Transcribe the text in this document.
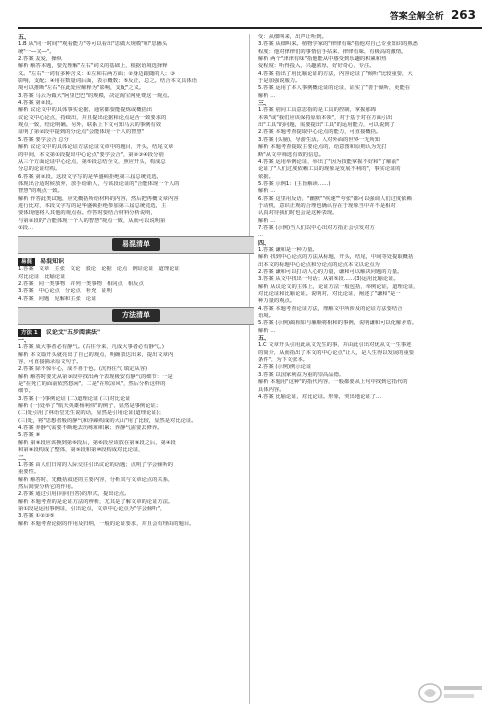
答案全解全析 263

五、

1.B 从"同一时间""观看能力"等可以看出"思做大规模"和"思播头

统"一―又―"。

2.答案 友爱，操纵

解析 解答本题，要先理解"左右"词义的基础上，根据语境选择释

义。"左右"一词有多种含义：①左和右两方面；②身边跟随的人；③

影响，支配；④用在数量词后面，表示概数；⑤反正，总之。结合本文具体语

境可以推断"左右"在此处应解释为"影响，支配"之义。

3.答案 马云为做大"阿里巴巴"的规模，决定淘宝网免费这一观点。

4.答案 第②段。

解析 议论文中的具体事实论据，通常都要能提炼或概括出

议论文中心论点，持续出，并且提出论据和论点是否一致要求的

观点一致，结论明确。另外，联系上下文可知马云的事例有效

证明了第②段中提到的分论点"会能体现一个人的智慧"

5.答案 要学会合 总分

解析 议论文中的具体论证方法论证文章中的题目，开头，结尾文章

的中间，本文第①段提出中心论点"要学会合"，第②③④段分别

从三个方面论证中心论点，第⑤段总结全文，照应开头，构成总

分总的论证结构。

6.答案 第②段。这段文字写的是华盛顿拒绝第三届总统竞选，

体现出合适时候放弃，放手给新人，与该段论证的"合能体现一个人的

智慧"的观点一致。

解析 作答此类试题，应先概括所给材料的内容，然后把再概文章内容

进行比对，本段文字写的是华盛顿拒绝参加第三届总统竞选，主

要体现他将人其他的观点看。作答时要结合材料分析说明，

与第②段的"合能体现一个人的智慧"观点一致，从而可以说明第

②段...

易混清单

易混 易混知识

1.答案 文章 主张 文论 驳论 论据 论点 例证论证 道理论证

对比论证 比喻论证

2.答案 同一类事物 并列一类事物 相同点 相反点

3.答案 中心论点 分论点 补充 证明

4.答案 问题 见解和主张 论证

方法清单

方法 1 议论文"五步阅读法"

一、

1.答案 成大事者必有静气。(古往今来，凡成大事者必有静气。)

解析 本文篇开头就亮出了自己的观点，明确表达出来，提出文章内

容，可直接摘录原文句子。

2.答案 除不惊平心，成不喜于色。(沉得住气 镇定从容)

解析 解答时要先从第③段中找出两个表现极安有静气的细节：一是

是"在死亡的面前依然悠闲"，二是"在吹凉风"，然后分析这样的

细节。

3.答案 (一)事例论证 (二)道理论证 (三)对比论证

解析 (一)处举了"航天英雄杨利伟"的例子，显然是事例论证；

(二)处引用了林语堂先生说的话，显然是引用论证(道理论证)；

(三)处，将"思想者般的静气和浮躁构成的大山"用了比较，显然是对比论证。

4.答案 养静气需要不断地去历练和积累；养静气需要去修养。

5.答案 ⑧

解析 第⑧段应该换到第⑥段后，第⑥段应该放在第⑧段之后，第④段

和第⑧段构成了整体，第⑨段和第⑩段构成对比论证，

二、

1.答案 由人们日常的人际交往引出议论的话题；点明了学会倾听的

重要性。

解析 解答时，先概括叙述的主要内容，分析其与文章论点的关系，

然后简要分析它的作用。

2.答案 通过引用(向问自答)的形式，提出论点。

解析 本题考查的是论证方法的辨析，尤其是了解文章的论证方法。

第①段是运用事例证，引出论点，文章中心论点为"学会倾听"，

3.答案 ①②③⑤

解析 本题考查论据的作用及归纳，一般的论证要求，并且会有理由的题目。

受：从细叫来，出声让听到。

3.答案 从细叫来。植物学家的"律律有味"指他对自己专业知识的熟悉

程度：他对律律们的事情信手拈来、律律有味，有极高的激情。

解析 两个"津津有味"指他能从中感受到乐趣的积累和热

爱程度：听得投入，兴趣浓厚，好好奇心，专注。

4.答案 指出了用比喻论证的方法，内容论证了"倾听"比较重要，大

于是加强说服力。

5.答案 运用了本人事例概论证的论证，证实了"善于倾听，更能在

解析 ...

三、

1.答案 别同工具意思指的是工具的控制，掌握那锦

本领"或"我们应该保持原始本领"，对于基于对在方面引出

出"工具"的问题，需要提出"工具"的运用能力，可以说到了

2.答案 本题考查提取中心论点的能力，可直接概括。

3.答案 (头脑)，导游生活。人对外面的世界一无所知

解析 本题考查提取主要论点的，给意图和原则认为先打

断"从文中筛选有效的信息。

4.答案 运用举例论证，举出了"因为技能掌握不好和"了解前"

论证了"人们过度依赖工具的现象是发展不利的"，事实论证的

依据。

5.答案 示例1：(主旨解读……)

解析 ...

6.答案 这里用反语，"幽默""疾速""夸张"都可以强调人们过度依赖

于动机，意识正规的合理也确认存在于现象当中并不是相对

认真对待我们时也会是这种表现。

解析 ...

7.答案 (示例)当人们以中心出对方指正会引发对方

...

四、

1.答案 谦和是一种力量。

解析 找到中心论点的方法从标题，开头，结尾，中间等处提取概括

出本文的标题中心论点和分论点的论点本文以论点为

2.答案 谦和可以打动人心的力量，谦和可以解决问题的力量。

3.答案 从文中找出一句话；从第⑤段……(3)运用比喻论证。

解析 从议论文的主体上，论证方法一般包括，举例论证，道理论证，

对比论证和比喻论证。说明对，对比论证，阐述了"谦和"是一

种力量的观点。

4.答案 本题考查论证方法，理解文中所涉及的论证方法要结合

语境。

5.答案 (示例)蔺相如与廉颇将相和的事例，说明谦和可以化解矛盾。

解析 ...

五、

1.C 文章开头引用此从文先生的事，并由此引出对优从文一生事迹

的简介，从而指出了本文的中心论点"让人，是人生得以发展的重要

条件"，为下文张本。

2.答案 (示例)例示论证

3.答案 以国家利益为重的崇高品德。

解析 本题用"这种"的指代内容，一般都要从上句中找到它指代的

具体内容。

4.答案 比喻论证，对比论证。形象，突出地论证了...
